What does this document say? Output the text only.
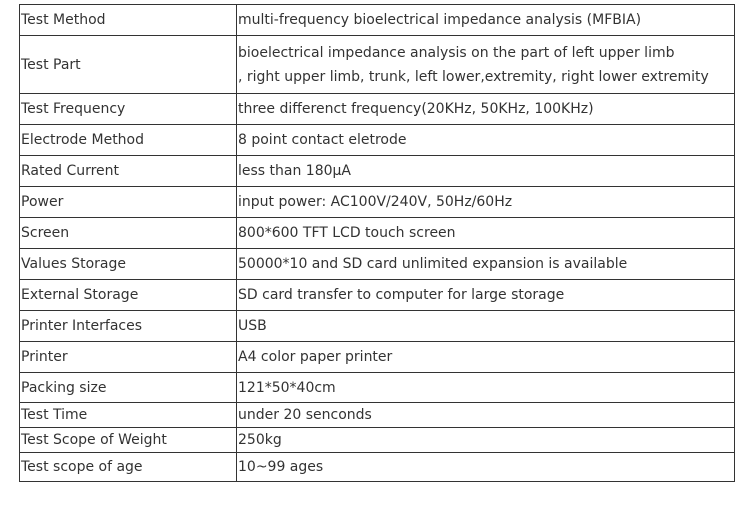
Test Method	multi-frequency bioelectrical impedance analysis (MFBIA)
Test Part	bioelectrical impedance analysis on the part of left upper limb
, right upper limb, trunk, left lower,extremity, right lower extremity

Test Frequency	three differenct frequency(20KHz, 50KHz, 100KHz)
Electrode Method	8 point contact eletrode
Rated Current	less than 180μA
Power	input power: AC100V/240V, 50Hz/60Hz
Screen	800*600 TFT LCD touch screen
Values Storage	50000*10 and SD card unlimited expansion is available
External Storage	SD card transfer to computer for large storage
Printer Interfaces	USB
Printer	A4 color paper printer
Packing size	121*50*40cm
Test Time	under 20 senconds
Test Scope of Weight	250kg
Test scope of age	10~99 ages
